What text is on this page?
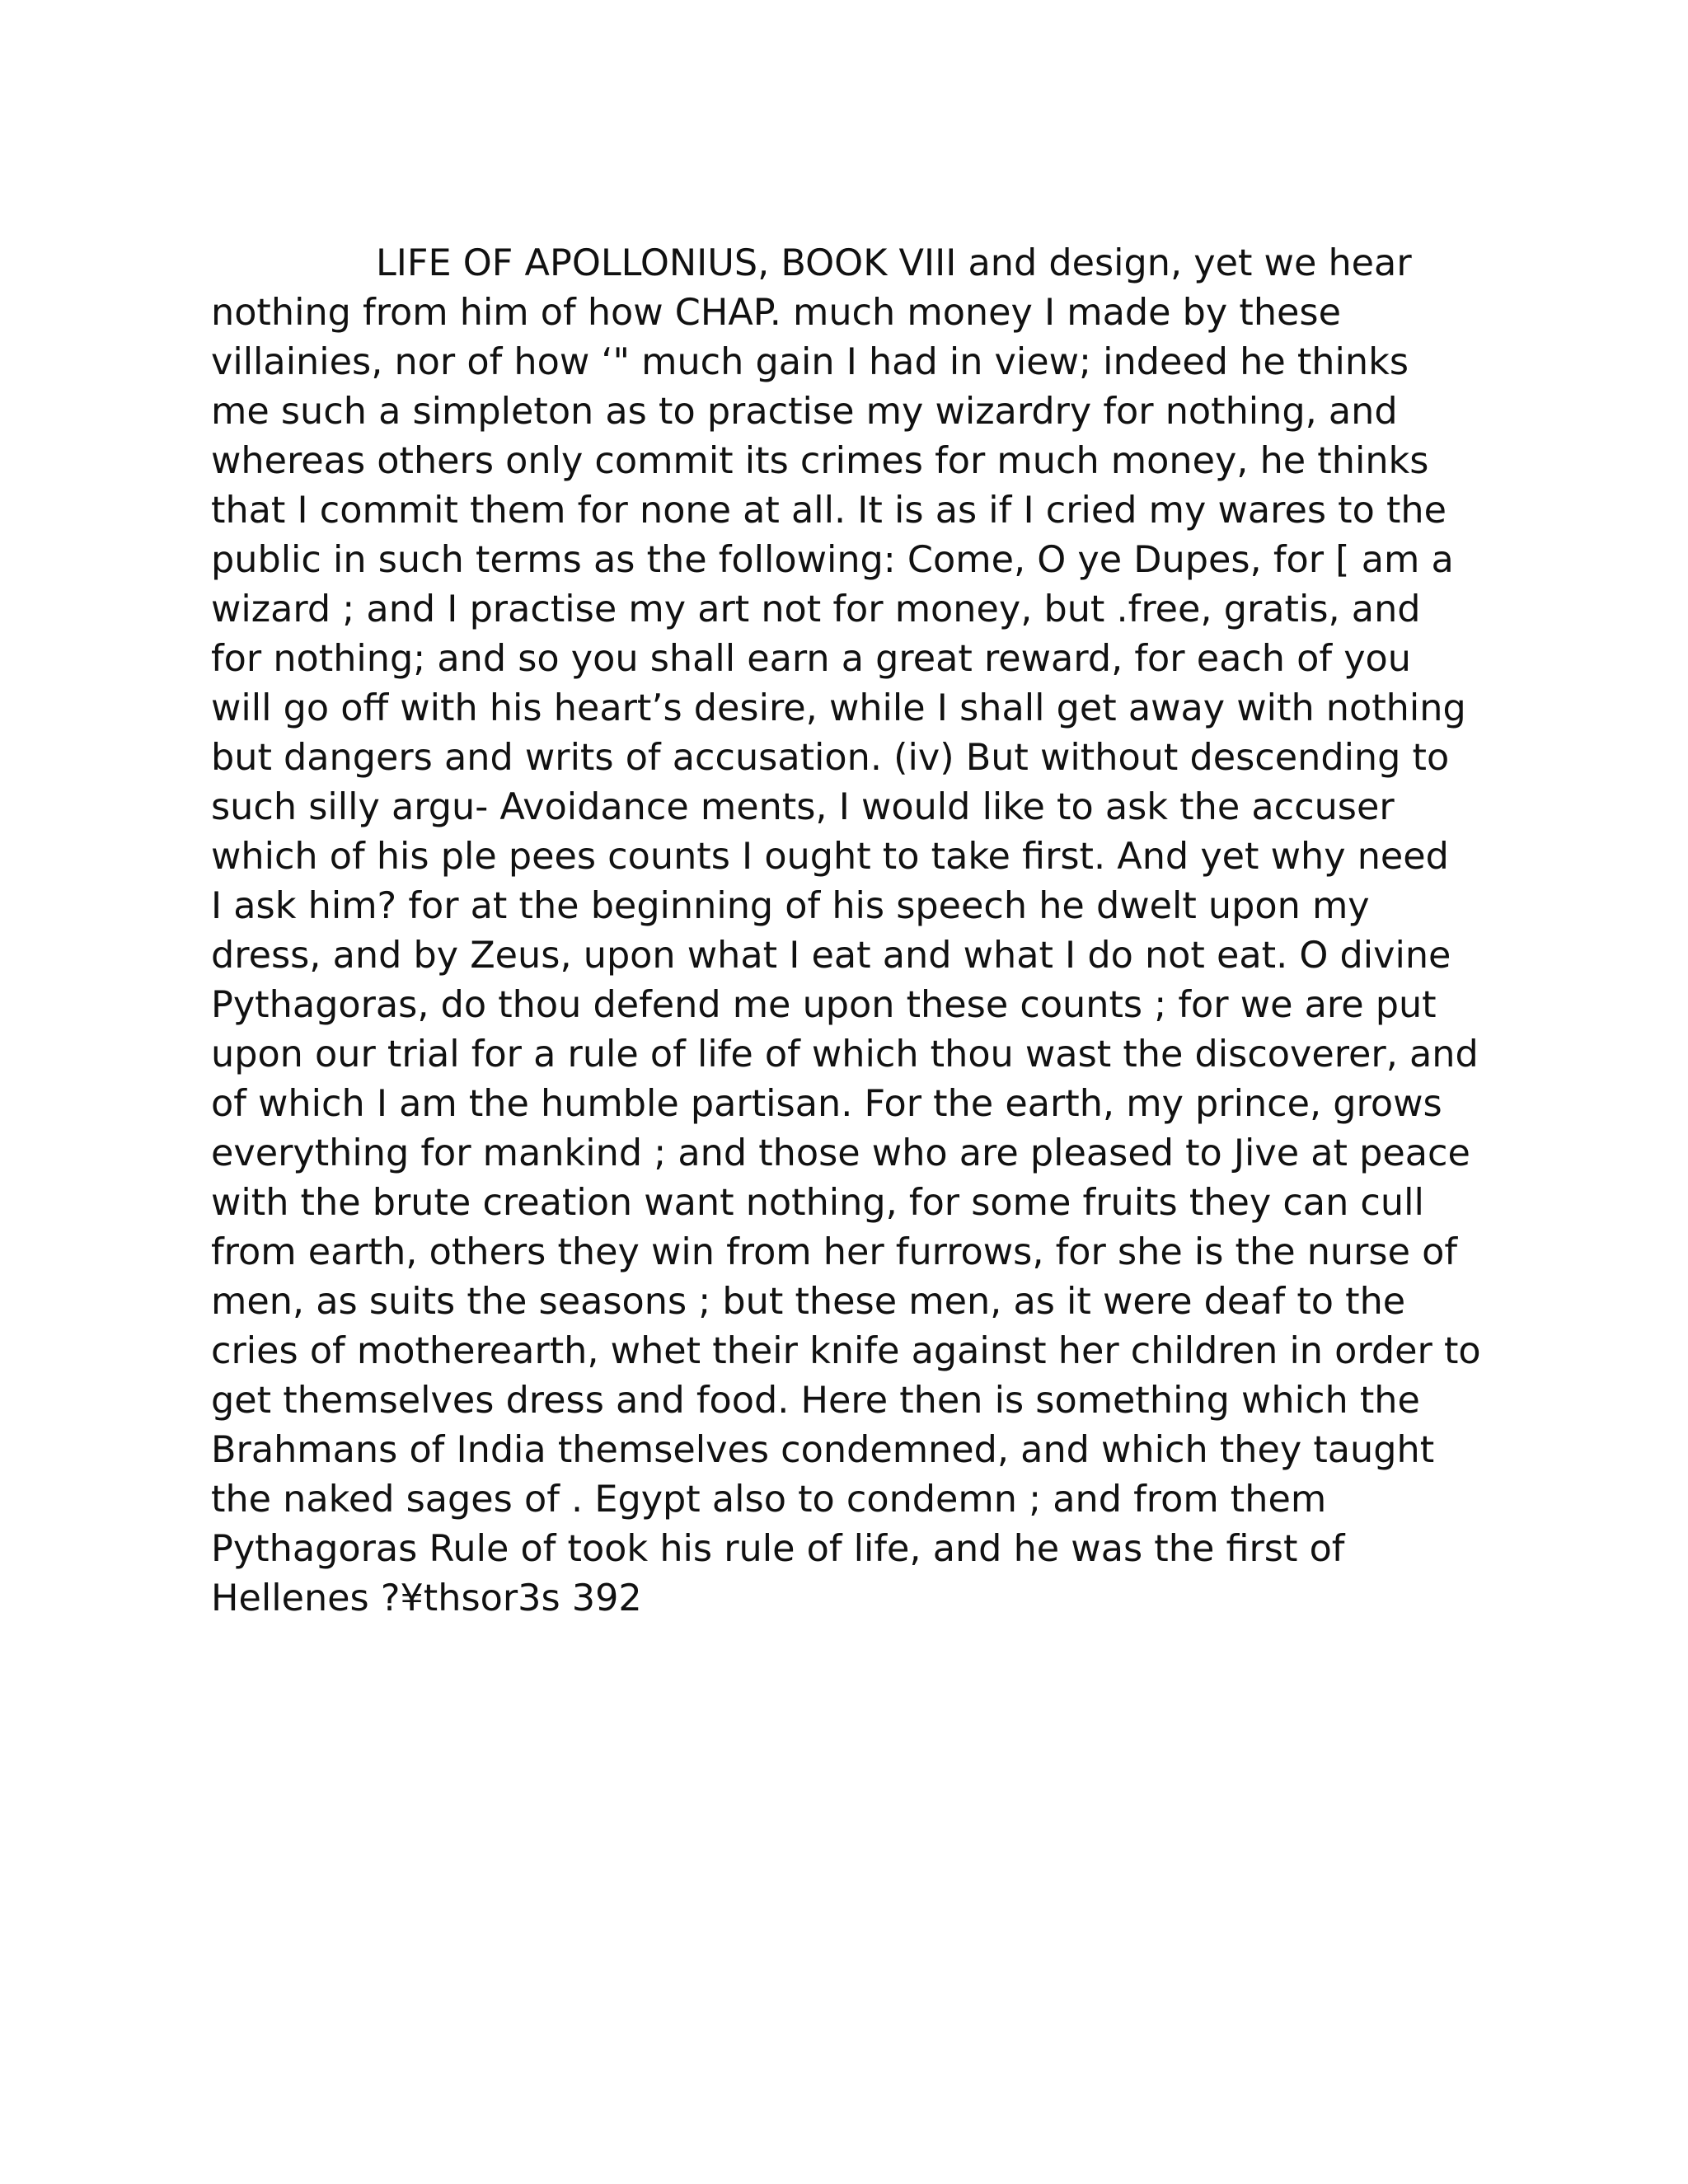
LIFE OF APOLLONIUS, BOOK VIII and design, yet we hear
nothing from him of how CHAP. much money I made by these
villainies, nor of how ‘" much gain I had in view; indeed he thinks
me such a simpleton as to practise my wizardry for nothing, and
whereas others only commit its crimes for much money, he thinks
that I commit them for none at all. It is as if I cried my wares to the
public in such terms as the following: Come, O ye Dupes, for [ am a
wizard ; and I practise my art not for money, but .free, gratis, and
for nothing; and so you shall earn a great reward, for each of you
will go off with his heart’s desire, while I shall get away with nothing
but dangers and writs of accusation. (iv) But without descending to
such silly argu- Avoidance ments, I would like to ask the accuser
which of his ple pees counts I ought to take first. And yet why need
I ask him? for at the beginning of his speech he dwelt upon my
dress, and by Zeus, upon what I eat and what I do not eat. O divine
Pythagoras, do thou defend me upon these counts ; for we are put
upon our trial for a rule of life of which thou wast the discoverer, and
of which I am the humble partisan. For the earth, my prince, grows
everything for mankind ; and those who are pleased to Jive at peace
with the brute creation want nothing, for some fruits they can cull
from earth, others they win from her furrows, for she is the nurse of
men, as suits the seasons ; but these men, as it were deaf to the
cries of motherearth, whet their knife against her children in order to
get themselves dress and food. Here then is something which the
Brahmans of India themselves condemned, and which they taught
the naked sages of . Egypt also to condemn ; and from them
Pythagoras Rule of took his rule of life, and he was the first of
Hellenes ?¥thsor3s 392
